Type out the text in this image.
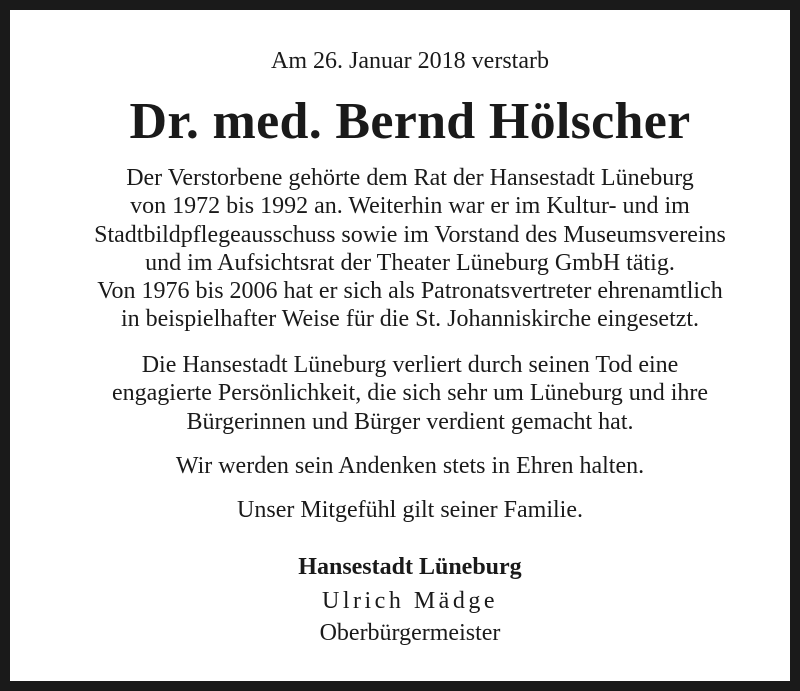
Am 26. Januar 2018 verstarb
Dr. med. Bernd Hölscher
Der Verstorbene gehörte dem Rat der Hansestadt Lüneburg
von 1972 bis 1992 an. Weiterhin war er im Kultur- und im
Stadtbildpflegeausschuss sowie im Vorstand des Museumsvereins
und im Aufsichtsrat der Theater Lüneburg GmbH tätig.
Von 1976 bis 2006 hat er sich als Patronatsvertreter ehrenamtlich
in beispielhafter Weise für die St. Johanniskirche eingesetzt.
Die Hansestadt Lüneburg verliert durch seinen Tod eine
engagierte Persönlichkeit, die sich sehr um Lüneburg und ihre
Bürgerinnen und Bürger verdient gemacht hat.
Wir werden sein Andenken stets in Ehren halten.
Unser Mitgefühl gilt seiner Familie.
Hansestadt Lüneburg
Ulrich Mädge
Oberbürgermeister
